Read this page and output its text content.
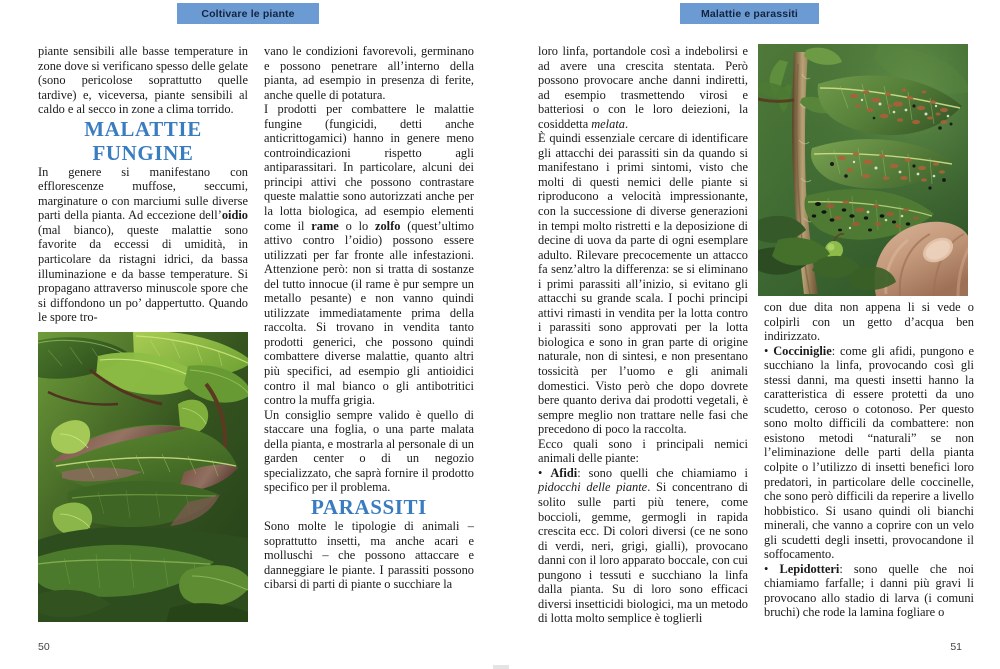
Coltivare le piante

piante sensibili alle basse temperature in zone dove si verificano spesso delle gelate (sono pericolose soprattutto quelle tardive) e, viceversa, piante sensibili al caldo e al secco in zone a clima torrido.

MALATTIE FUNGINE

In genere si manifestano con efflorescenze muffose, seccumi, marginature o con marciumi sulle diverse parti della pianta. Ad eccezione dell’oidio (mal bianco), queste malattie sono favorite da eccessi di umidità, in particolare da ristagni idrici, da bassa illuminazione e da basse temperature. Si propagano attraverso minuscole spore che si diffondono un po’ dappertutto. Quando le spore tro-

vano le condizioni favorevoli, germinano e possono penetrare all’interno della pianta, ad esempio in presenza di ferite, anche quelle di potatura.

I prodotti per combattere le malattie fungine (fungicidi, detti anche anticrittogamici) hanno in genere meno controindicazioni rispetto agli antiparassitari. In particolare, alcuni dei principi attivi che possono contrastare queste malattie sono autorizzati anche per la lotta biologica, ad esempio elementi come il rame o lo zolfo (quest’ultimo attivo contro l’oidio) possono essere utilizzati per far fronte alle infestazioni. Attenzione però: non si tratta di sostanze del tutto innocue (il rame è pur sempre un metallo pesante) e non vanno quindi utilizzate immediatamente prima della raccolta. Si trovano in vendita tanto prodotti generici, che possono quindi combattere diverse malattie, quanto altri più specifici, ad esempio gli antioidici contro il mal bianco o gli antibotritici contro la muffa grigia.

Un consiglio sempre valido è quello di staccare una foglia, o una parte malata della pianta, e mostrarla al personale di un garden center o di un negozio specializzato, che saprà fornire il prodotto specifico per il problema.

PARASSITI

Sono molte le tipologie di animali – soprattutto insetti, ma anche acari e molluschi – che possono attaccare e danneggiare le piante. I parassiti possono cibarsi di parti di piante o succhiare la

50
Malattie e parassiti

loro linfa, portandole così a indebolirsi e ad avere una crescita stentata. Però possono provocare anche danni indiretti, ad esempio trasmettendo virosi e batteriosi o con le loro deiezioni, la cosiddetta melata.

È quindi essenziale cercare di identificare gli attacchi dei parassiti sin da quando si manifestano i primi sintomi, visto che molti di questi nemici delle piante si riproducono a velocità impressionante, con la successione di diverse generazioni in tempi molto ristretti e la deposizione di decine di uova da parte di ogni esemplare adulto. Rilevare precocemente un attacco fa senz’altro la differenza: se si eliminano i primi parassiti all’inizio, si evitano gli attacchi su grande scala. I pochi principi attivi rimasti in vendita per la lotta contro i parassiti sono approvati per la lotta biologica e sono in gran parte di origine naturale, non di sintesi, e non presentano tossicità per l’uomo e gli animali domestici. Visto però che dopo dovrete bere quanto deriva dai prodotti vegetali, è sempre meglio non trattare nelle fasi che precedono di poco la raccolta.

Ecco quali sono i principali nemici animali delle piante:

• Afidi: sono quelli che chiamiamo i pidocchi delle piante. Si concentrano di solito sulle parti più tenere, come boccioli, gemme, germogli in rapida crescita ecc. Di colori diversi (ce ne sono di verdi, neri, grigi, gialli), provocano danni con il loro apparato boccale, con cui pungono i tessuti e succhiano la linfa dalla pianta. Su di loro sono efficaci diversi insetticidi biologici, ma un metodo di lotta molto semplice è toglierli

con due dita non appena li si vede o colpirli con un getto d’acqua ben indirizzato.

• Cocciniglie: come gli afidi, pungono e succhiano la linfa, provocando così gli stessi danni, ma questi insetti hanno la caratteristica di essere protetti da uno scudetto, ceroso o cotonoso. Per questo sono molto difficili da combattere: non esistono metodi “naturali” se non l’eliminazione delle parti della pianta colpite o l’utilizzo di insetti benefici loro predatori, in particolare delle coccinelle, che sono però difficili da reperire a livello hobbistico. Si usano quindi oli bianchi minerali, che vanno a coprire con un velo gli scudetti degli insetti, provocandone il soffocamento.

• Lepidotteri: sono quelle che noi chiamiamo farfalle; i danni più gravi li provocano allo stadio di larva (i comuni bruchi) che rode la lamina fogliare o

51
